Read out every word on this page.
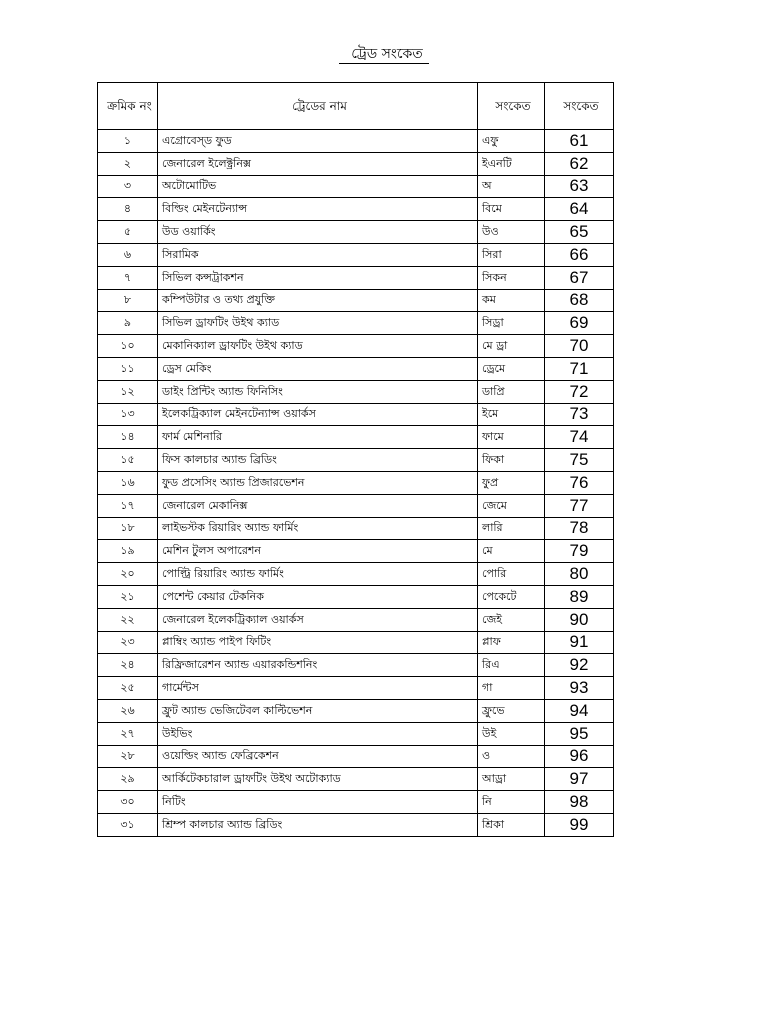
ট্রেড সংকেত
ক্রমিক নং	ট্রেডের নাম	সংকেত	সংকেত
১	এগ্রোবেস্ড ফুড	এফু	61
২	জেনারেল ইলেক্ট্রনিক্স	ইএনটি	62
৩	অটোমোটিভ	অ	63
৪	বিল্ডিং মেইনটেন্যান্স	বিমে	64
৫	উড ওয়ার্কিং	উও	65
৬	সিরামিক	সিরা	66
৭	সিভিল কন্সট্রাকশন	সিকন	67
৮	কম্পিউটার ও তথ্য প্রযুক্তি	কম	68
৯	সিভিল ড্রাফটিং উইথ ক্যাড	সিড্রা	69
১০	মেকানিক্যাল ড্রাফটিং উইথ ক্যাড	মে ড্রা	70
১১	ড্রেস মেকিং	ড্রেমে	71
১২	ডাইং প্রিন্টিং অ্যান্ড ফিনিসিং	ডাপ্রি	72
১৩	ইলেকট্রিক্যাল মেইনটেন্যান্স ওয়ার্কস	ইমে	73
১৪	ফার্ম মেশিনারি	ফামে	74
১৫	ফিস কালচার অ্যান্ড ব্রিডিং	ফিকা	75
১৬	ফুড প্রসেসিং অ্যান্ড প্রিজারভেশন	ফুপ্র	76
১৭	জেনারেল মেকানিক্স	জেমে	77
১৮	লাইভস্টক রিয়ারিং অ্যান্ড ফার্মিং	লারি	78
১৯	মেশিন টুলস অপারেশন	মে	79
২০	পোল্ট্রি রিয়ারিং অ্যান্ড ফার্মিং	পোরি	80
২১	পেশেন্ট কেয়ার টেকনিক	পেকেটে	89
২২	জেনারেল ইলেকট্রিক্যাল ওয়ার্কস	জেই	90
২৩	প্লাম্বিং অ্যান্ড পাইপ ফিটিং	প্লাফ	91
২৪	রিফ্রিজারেশন অ্যান্ড এয়ারকন্ডিশনিং	রিএ	92
২৫	গার্মেন্টস	গা	93
২৬	ফ্রুট অ্যান্ড ভেজিটেবল কাল্টিভেশন	ফ্রুভে	94
২৭	উইভিং	উই	95
২৮	ওয়েল্ডিং অ্যান্ড ফেব্রিকেশন	ও	96
২৯	আর্কিটেকচারাল ড্রাফটিং উইথ অটোক্যাড	আড্রা	97
৩০	নিটিং	নি	98
৩১	শ্রিম্প কালচার অ্যান্ড ব্রিডিং	শ্রিকা	99
